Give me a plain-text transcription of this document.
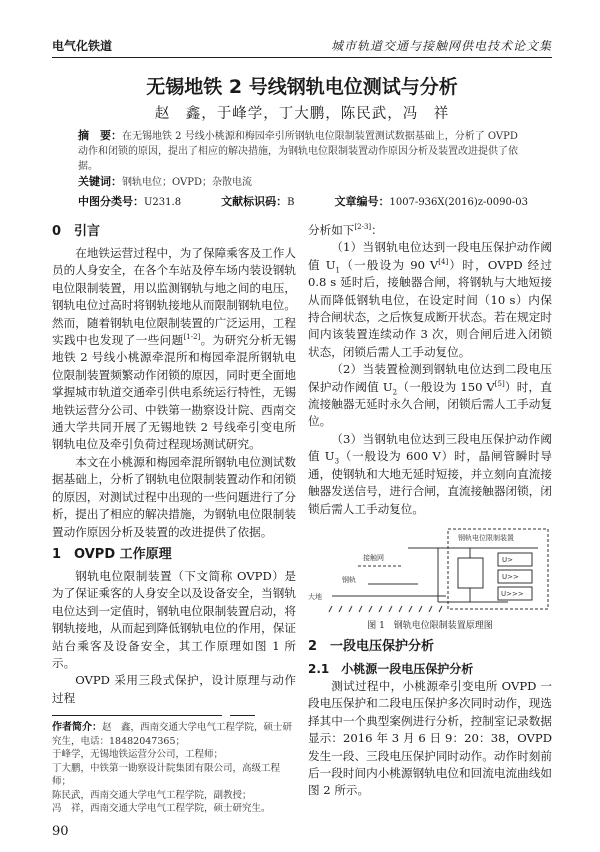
电气化铁道	城市轨道交通与接触网供电技术论文集
无锡地铁 2 号线钢轨电位测试与分析
赵　鑫，于峰学，丁大鹏，陈民武，冯　祥
摘　要：在无锡地铁 2 号线小桃源和梅园牵引所钢轨电位限制装置测试数据基础上，分析了 OVPD 动作和闭锁的原因，提出了相应的解决措施，为钢轨电位限制装置动作原因分析及装置改进提供了依据。
关键词：钢轨电位；OVPD；杂散电流
中图分类号：U231.8	文献标识码：B	文章编号：1007-936X(2016)z-0090-03
0　引言

在地铁运营过程中，为了保障乘客及工作人员的人身安全，在各个车站及停车场内装设钢轨电位限制装置，用以监测钢轨与地之间的电压，钢轨电位过高时将钢轨接地从而限制钢轨电位。然而，随着钢轨电位限制装置的广泛运用，工程实践中也发现了一些问题[1-2]。为研究分析无锡地铁 2 号线小桃源牵混所和梅园牵混所钢轨电位限制装置频繁动作闭锁的原因，同时更全面地掌握城市轨道交通牵引供电系统运行特性，无锡地铁运营分公司、中铁第一勘察设计院、西南交通大学共同开展了无锡地铁 2 号线牵引变电所钢轨电位及牵引负荷过程现场测试研究。

本文在小桃源和梅园牵混所钢轨电位测试数据基础上，分析了钢轨电位限制装置动作和闭锁的原因，对测试过程中出现的一些问题进行了分析，提出了相应的解决措施，为钢轨电位限制装置动作原因分析及装置的改进提供了依据。

1　OVPD 工作原理

钢轨电位限制装置（下文简称 OVPD）是为了保证乘客的人身安全以及设备安全，当钢轨电位达到一定值时，钢轨电位限制装置启动，将钢轨接地，从而起到降低钢轨电位的作用，保证站台乘客及设备安全，其工作原理如图 1 所示。

OVPD 采用三段式保护，设计原理与动作过程

作者简介：赵　鑫，西南交通大学电气工程学院，硕士研究生，电话：18482047365；
于峰学，无锡地铁运营分公司，工程师；
丁大鹏，中铁第一勘察设计院集团有限公司，高级工程师；
陈民武，西南交通大学电气工程学院，副教授；
冯　祥，西南交通大学电气工程学院，硕士研究生。
90
分析如下[2-3]：

（1）当钢轨电位达到一段电压保护动作阈值 $U_1$（一般设为 90 V[4]）时，OVPD 经过 0.8 s 延时后，接触器合闸，将钢轨与大地短接从而降低钢轨电位，在设定时间（10 s）内保持合闸状态，之后恢复成断开状态。若在规定时间内该装置连续动作 3 次，则合闸后进入闭锁状态，闭锁后需人工手动复位。

（2）当装置检测到钢轨电位达到二段电压保护动作阈值 $U_2$（一般设为 150 V[5]）时，直流接触器无延时永久合闸，闭锁后需人工手动复位。

（3）当钢轨电位达到三段电压保护动作阈值 $U_3$（一般设为 600 V）时，晶闸管瞬时导通，使钢轨和大地无延时短接，并立刻向直流接触器发送信号，进行合闸，直流接触器闭锁，闭锁后需人工手动复位。

钢轨电位限制装置
接触网
钢轨
大地
U>
U>>
U>>>
图 1　钢轨电位限制装置原理图
2　一段电压保护分析
2.1　小桃源一段电压保护分析

测试过程中，小桃源牵引变电所 OVPD 一段电压保护和二段电压保护多次同时动作，现选择其中一个典型案例进行分析，控制室记录数据显示：2016 年 3 月 6 日 9：20：38，OVPD 发生一段、三段电压保护同时动作。动作时刻前后一段时间内小桃源钢轨电位和回流电流曲线如图 2 所示。
